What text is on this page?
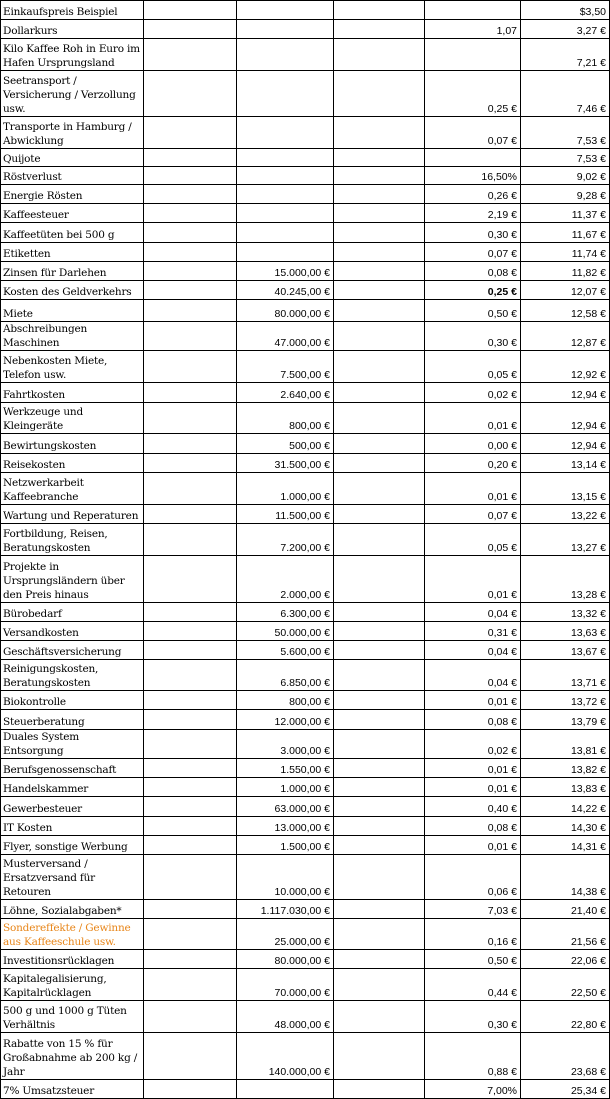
Einkaufspreis Beispiel					$3,50
Dollarkurs				1,07	3,27 €
Kilo Kaffee Roh in Euro im Hafen Ursprungsland					7,21 €
Seetransport / Versicherung / Verzollung usw.				0,25 €	7,46 €
Transporte in Hamburg / Abwicklung				0,07 €	7,53 €
Quijote					7,53 €
Röstverlust				16,50%	9,02 €
Energie Rösten				0,26 €	9,28 €
Kaffeesteuer				2,19 €	11,37 €
Kaffeetüten bei 500 g				0,30 €	11,67 €
Etiketten				0,07 €	11,74 €
Zinsen für Darlehen		15.000,00 €		0,08 €	11,82 €
Kosten des Geldverkehrs		40.245,00 €		0,25 €	12,07 €
Miete		80.000,00 €		0,50 €	12,58 €
Abschreibungen Maschinen		47.000,00 €		0,30 €	12,87 €
Nebenkosten Miete, Telefon usw.		7.500,00 €		0,05 €	12,92 €
Fahrtkosten		2.640,00 €		0,02 €	12,94 €
Werkzeuge und Kleingeräte		800,00 €		0,01 €	12,94 €
Bewirtungskosten		500,00 €		0,00 €	12,94 €
Reisekosten		31.500,00 €		0,20 €	13,14 €
Netzwerkarbeit Kaffeebranche		1.000,00 €		0,01 €	13,15 €
Wartung und Reperaturen		11.500,00 €		0,07 €	13,22 €
Fortbildung, Reisen, Beratungskosten		7.200,00 €		0,05 €	13,27 €
Projekte in Ursprungsländern über den Preis hinaus		2.000,00 €		0,01 €	13,28 €
Bürobedarf		6.300,00 €		0,04 €	13,32 €
Versandkosten		50.000,00 €		0,31 €	13,63 €
Geschäftsversicherung		5.600,00 €		0,04 €	13,67 €
Reinigungskosten, Beratungskosten		6.850,00 €		0,04 €	13,71 €
Biokontrolle		800,00 €		0,01 €	13,72 €
Steuerberatung		12.000,00 €		0,08 €	13,79 €
Duales System Entsorgung		3.000,00 €		0,02 €	13,81 €
Berufsgenossenschaft		1.550,00 €		0,01 €	13,82 €
Handelskammer		1.000,00 €		0,01 €	13,83 €
Gewerbesteuer		63.000,00 €		0,40 €	14,22 €
IT Kosten		13.000,00 €		0,08 €	14,30 €
Flyer, sonstige Werbung		1.500,00 €		0,01 €	14,31 €
Musterversand / Ersatzversand für Retouren		10.000,00 €		0,06 €	14,38 €
Löhne, Sozialabgaben*		1.117.030,00 €		7,03 €	21,40 €
Sondereffekte / Gewinne aus Kaffeeschule usw.		25.000,00 €		0,16 €	21,56 €
Investitionsrücklagen		80.000,00 €		0,50 €	22,06 €
Kapitalegalisierung, Kapitalrücklagen		70.000,00 €		0,44 €	22,50 €
500 g und 1000 g Tüten Verhältnis		48.000,00 €		0,30 €	22,80 €
Rabatte von 15 % für Großabnahme ab 200 kg / Jahr		140.000,00 €		0,88 €	23,68 €
7% Umsatzsteuer				7,00%	25,34 €
